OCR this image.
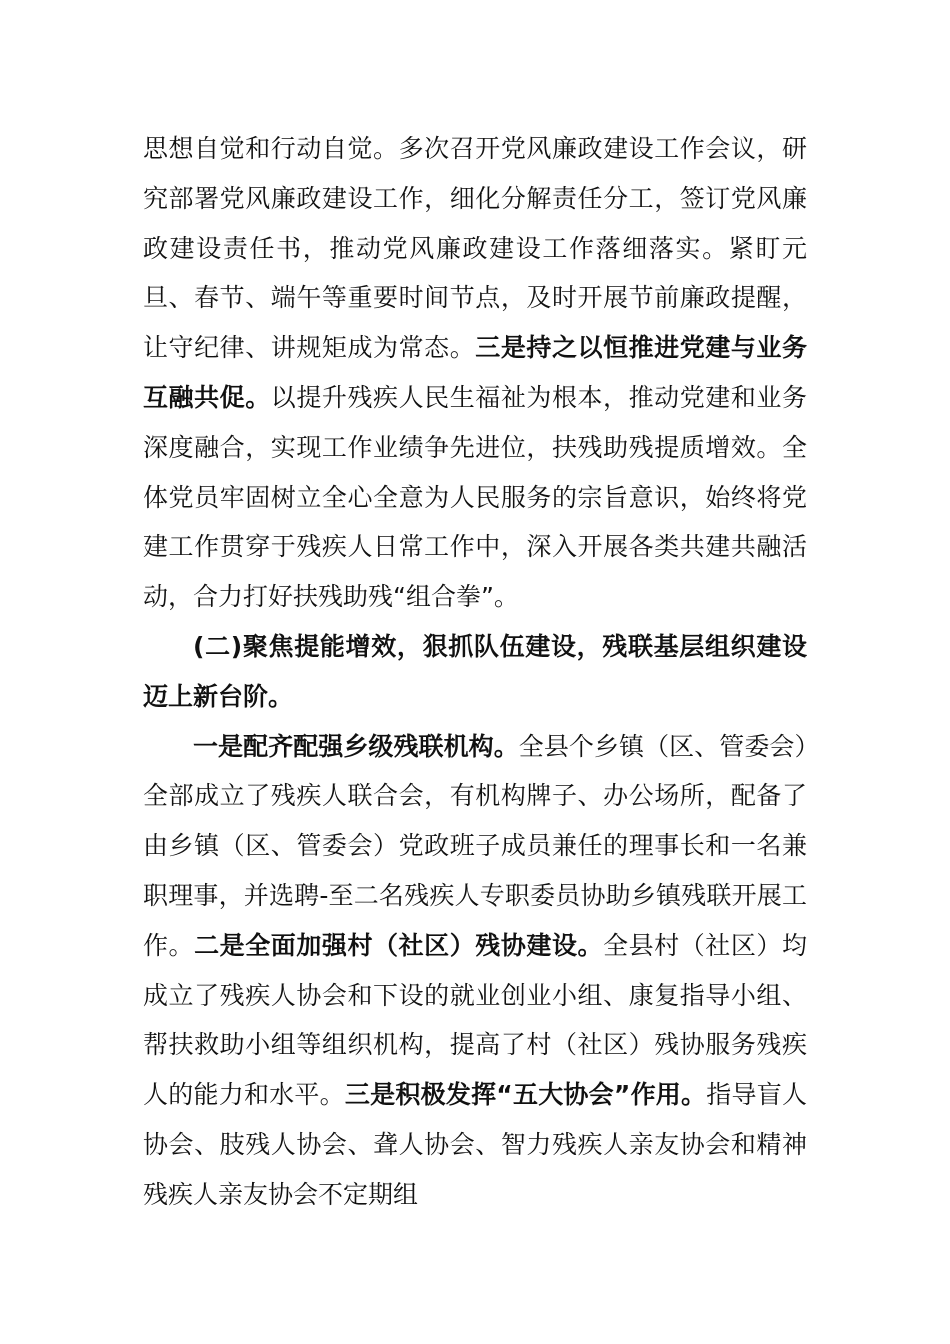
思想自觉和行动自觉。多次召开党风廉政建设工作会议，研究部署党风廉政建设工作，细化分解责任分工，签订党风廉政建设责任书，推动党风廉政建设工作落细落实。紧盯元旦、春节、端午等重要时间节点，及时开展节前廉政提醒，让守纪律、讲规矩成为常态。三是持之以恒推进党建与业务互融共促。以提升残疾人民生福祉为根本，推动党建和业务深度融合，实现工作业绩争先进位，扶残助残提质增效。全体党员牢固树立全心全意为人民服务的宗旨意识，始终将党建工作贯穿于残疾人日常工作中，深入开展各类共建共融活动，合力打好扶残助残“组合拳”。

(二)聚焦提能增效，狠抓队伍建设，残联基层组织建设迈上新台阶。

一是配齐配强乡级残联机构。全县个乡镇（区、管委会）全部成立了残疾人联合会，有机构牌子、办公场所，配备了由乡镇（区、管委会）党政班子成员兼任的理事长和一名兼职理事，并选聘-至二名残疾人专职委员协助乡镇残联开展工作。二是全面加强村（社区）残协建设。全县村（社区）均成立了残疾人协会和下设的就业创业小组、康复指导小组、帮扶救助小组等组织机构，提高了村（社区）残协服务残疾人的能力和水平。三是积极发挥“五大协会”作用。指导盲人协会、肢残人协会、聋人协会、智力残疾人亲友协会和精神残疾人亲友协会不定期组
